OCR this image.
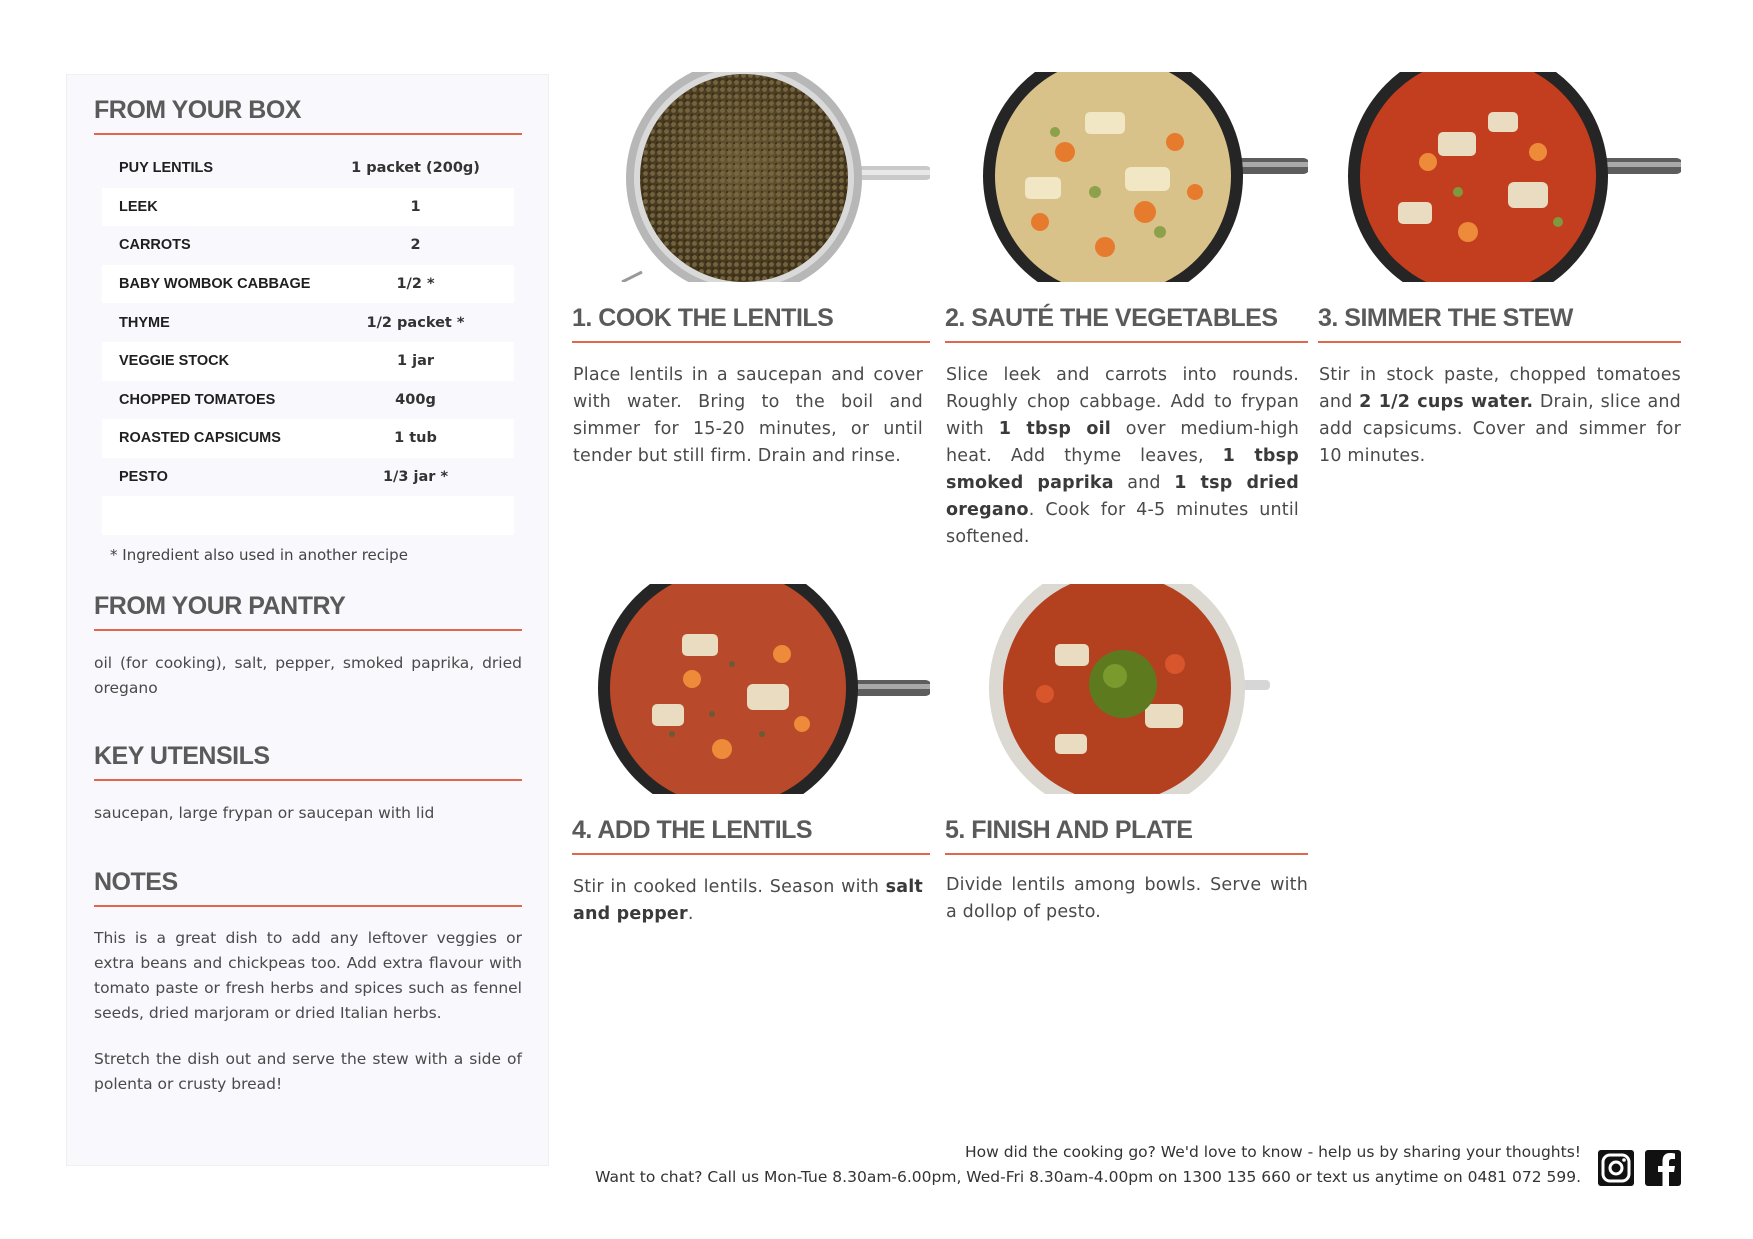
FROM YOUR BOX
PUY LENTILS	1 packet (200g)
LEEK	1
CARROTS	2
BABY WOMBOK CABBAGE	1/2 *
THYME	1/2 packet *
VEGGIE STOCK	1 jar
CHOPPED TOMATOES	400g
ROASTED CAPSICUMS	1 tub
PESTO	1/3 jar *
* Ingredient also used in another recipe
FROM YOUR PANTRY
oil (for cooking), salt, pepper, smoked paprika, dried oregano
KEY UTENSILS
saucepan, large frypan or saucepan with lid
NOTES
This is a great dish to add any leftover veggies or extra beans and chickpeas too. Add extra flavour with tomato paste or fresh herbs and spices such as fennel seeds, dried marjoram or dried Italian herbs.
Stretch the dish out and serve the stew with a side of polenta or crusty bread!
1. COOK THE LENTILS
Place lentils in a saucepan and cover with water. Bring to the boil and simmer for 15-20 minutes, or until tender but still firm. Drain and rinse.
2. SAUTÉ THE VEGETABLES
Slice leek and carrots into rounds. Roughly chop cabbage. Add to frypan with 1 tbsp oil over medium-high heat. Add thyme leaves, 1 tbsp smoked paprika and 1 tsp dried oregano. Cook for 4-5 minutes until softened.
3. SIMMER THE STEW
Stir in stock paste, chopped tomatoes and 2 1/2 cups water. Drain, slice and add capsicums. Cover and simmer for 10 minutes.
4. ADD THE LENTILS
Stir in cooked lentils. Season with salt and pepper.
5. FINISH AND PLATE
Divide lentils among bowls. Serve with a dollop of pesto.
How did the cooking go? We'd love to know - help us by sharing your thoughts!
Want to chat? Call us Mon-Tue 8.30am-6.00pm, Wed-Fri 8.30am-4.00pm on 1300 135 660 or text us anytime on 0481 072 599.
